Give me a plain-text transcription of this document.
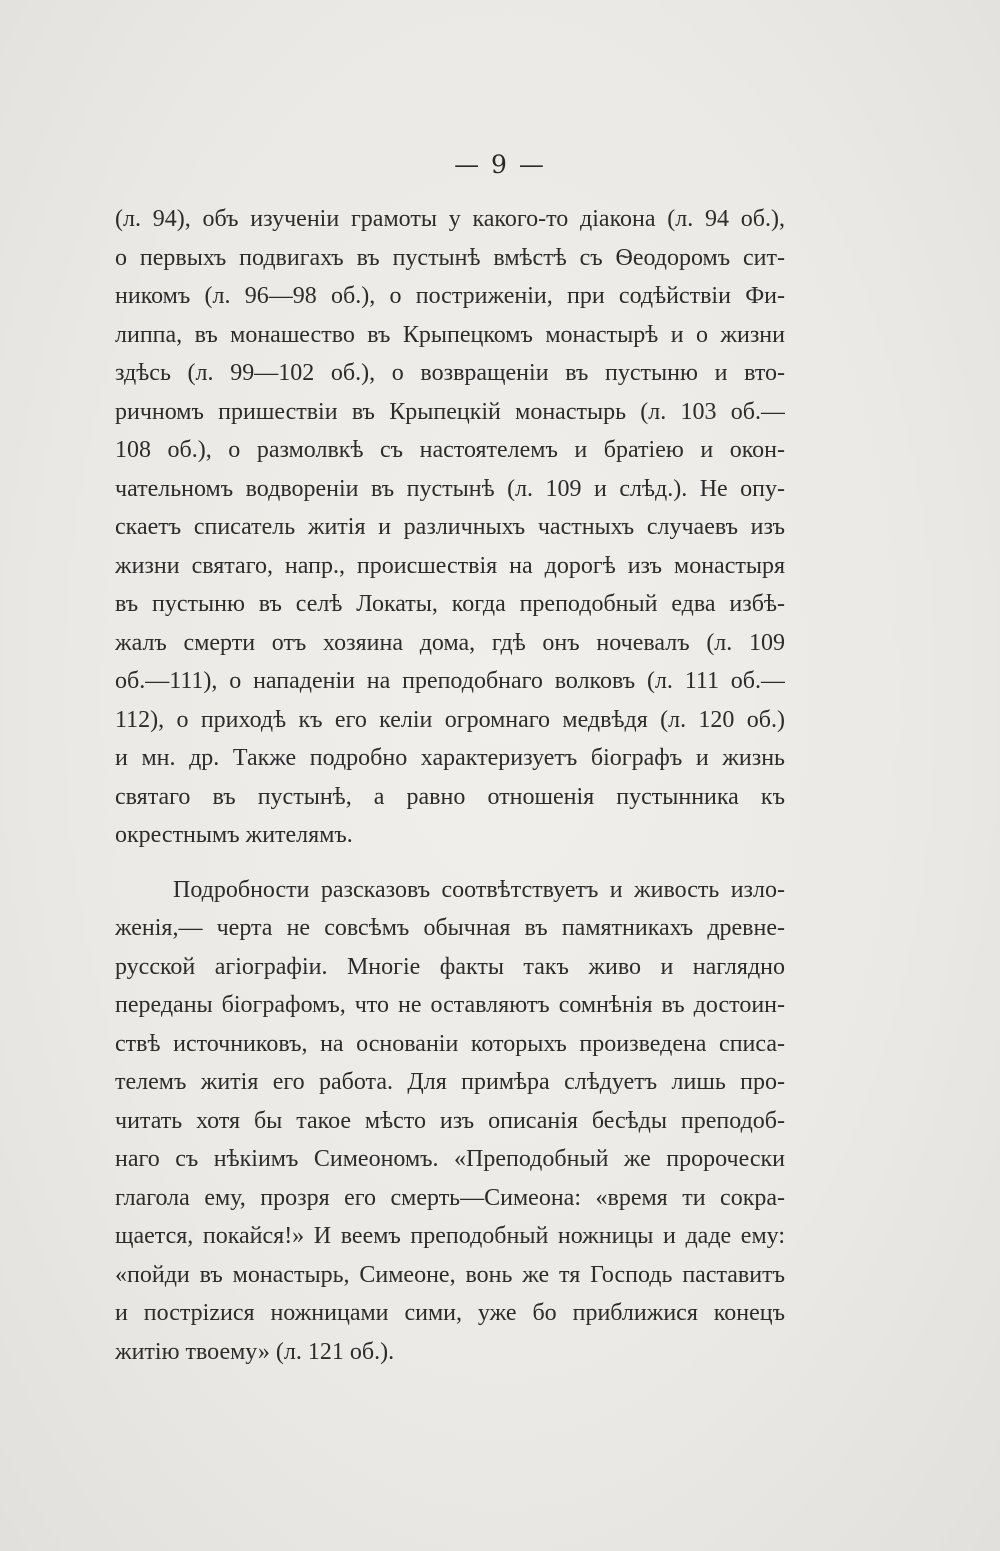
— 9 —
(л. 94), объ изученіи грамоты у какого-то діакона (л. 94 об.),
о первыхъ подвигахъ въ пустынѣ вмѣстѣ съ Ѳеодоромъ сит-
никомъ (л. 96—98 об.), о постриженіи, при содѣйствіи Фи-
липпа, въ монашество въ Крыпецкомъ монастырѣ и о жизни
здѣсь (л. 99—102 об.), о возвращеніи въ пустыню и вто-
ричномъ пришествіи въ Крыпецкій монастырь (л. 103 об.—
108 об.), о размолвкѣ съ настоятелемъ и братіею и окон-
чательномъ водвореніи въ пустынѣ (л. 109 и слѣд.). Не опу-
скаетъ списатель житія и различныхъ частныхъ случаевъ изъ
жизни святаго, напр., происшествія на дорогѣ изъ монастыря
въ пустыню въ селѣ Локаты, когда преподобный едва избѣ-
жалъ смерти отъ хозяина дома, гдѣ онъ ночевалъ (л. 109
об.—111), о нападеніи на преподобнаго волковъ (л. 111 об.—
112), о приходѣ къ его келіи огромнаго медвѣдя (л. 120 об.)
и мн. др. Также подробно характеризуетъ біографъ и жизнь
святаго въ пустынѣ, а равно отношенія пустынника къ
окрестнымъ жителямъ.
Подробности разсказовъ соотвѣтствуетъ и живость изло-
женія,— черта не совсѣмъ обычная въ памятникахъ древне-
русской агіографіи. Многіе факты такъ живо и наглядно
переданы біографомъ, что не оставляютъ сомнѣнія въ достоин-
ствѣ источниковъ, на основаніи которыхъ произведена списа-
телемъ житія его работа. Для примѣра слѣдуетъ лишь про-
читать хотя бы такое мѣсто изъ описанія бесѣды преподоб-
наго съ нѣкіимъ Симеономъ. «Преподобный же пророчески
глагола ему, прозря его смерть—Симеона: «время ти сокра-
щается, покайся!» И веемъ преподобный ножницы и даде ему:
«пойди въ монастырь, Симеоне, вонь же тя Господь паставитъ
и пострizися ножницами сими, уже бо приближися конецъ
житію твоему» (л. 121 об.).
